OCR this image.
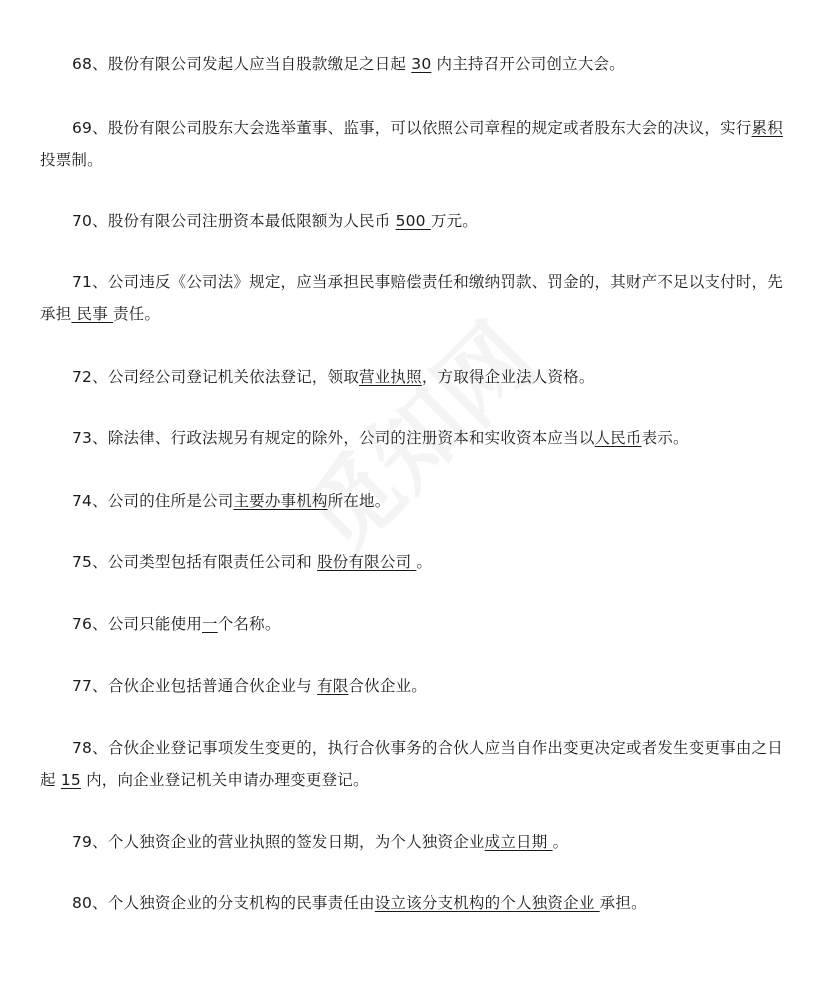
68、股份有限公司发起人应当自股款缴足之日起 30 内主持召开公司创立大会。

69、股份有限公司股东大会选举董事、监事，可以依照公司章程的规定或者股东大会的决议，实行累积投票制。

70、股份有限公司注册资本最低限额为人民币 500 万元。

71、公司违反《公司法》规定，应当承担民事赔偿责任和缴纳罚款、罚金的，其财产不足以支付时，先承担 民事 责任。

72、公司经公司登记机关依法登记，领取营业执照，方取得企业法人资格。

73、除法律、行政法规另有规定的除外，公司的注册资本和实收资本应当以人民币表示。

74、公司的住所是公司主要办事机构所在地。

75、公司类型包括有限责任公司和 股份有限公司 。

76、公司只能使用一个名称。

77、合伙企业包括普通合伙企业与 有限合伙企业。

78、合伙企业登记事项发生变更的，执行合伙事务的合伙人应当自作出变更决定或者发生变更事由之日起 15 内，向企业登记机关申请办理变更登记。

79、个人独资企业的营业执照的签发日期，为个人独资企业成立日期 。

80、个人独资企业的分支机构的民事责任由设立该分支机构的个人独资企业 承担。
